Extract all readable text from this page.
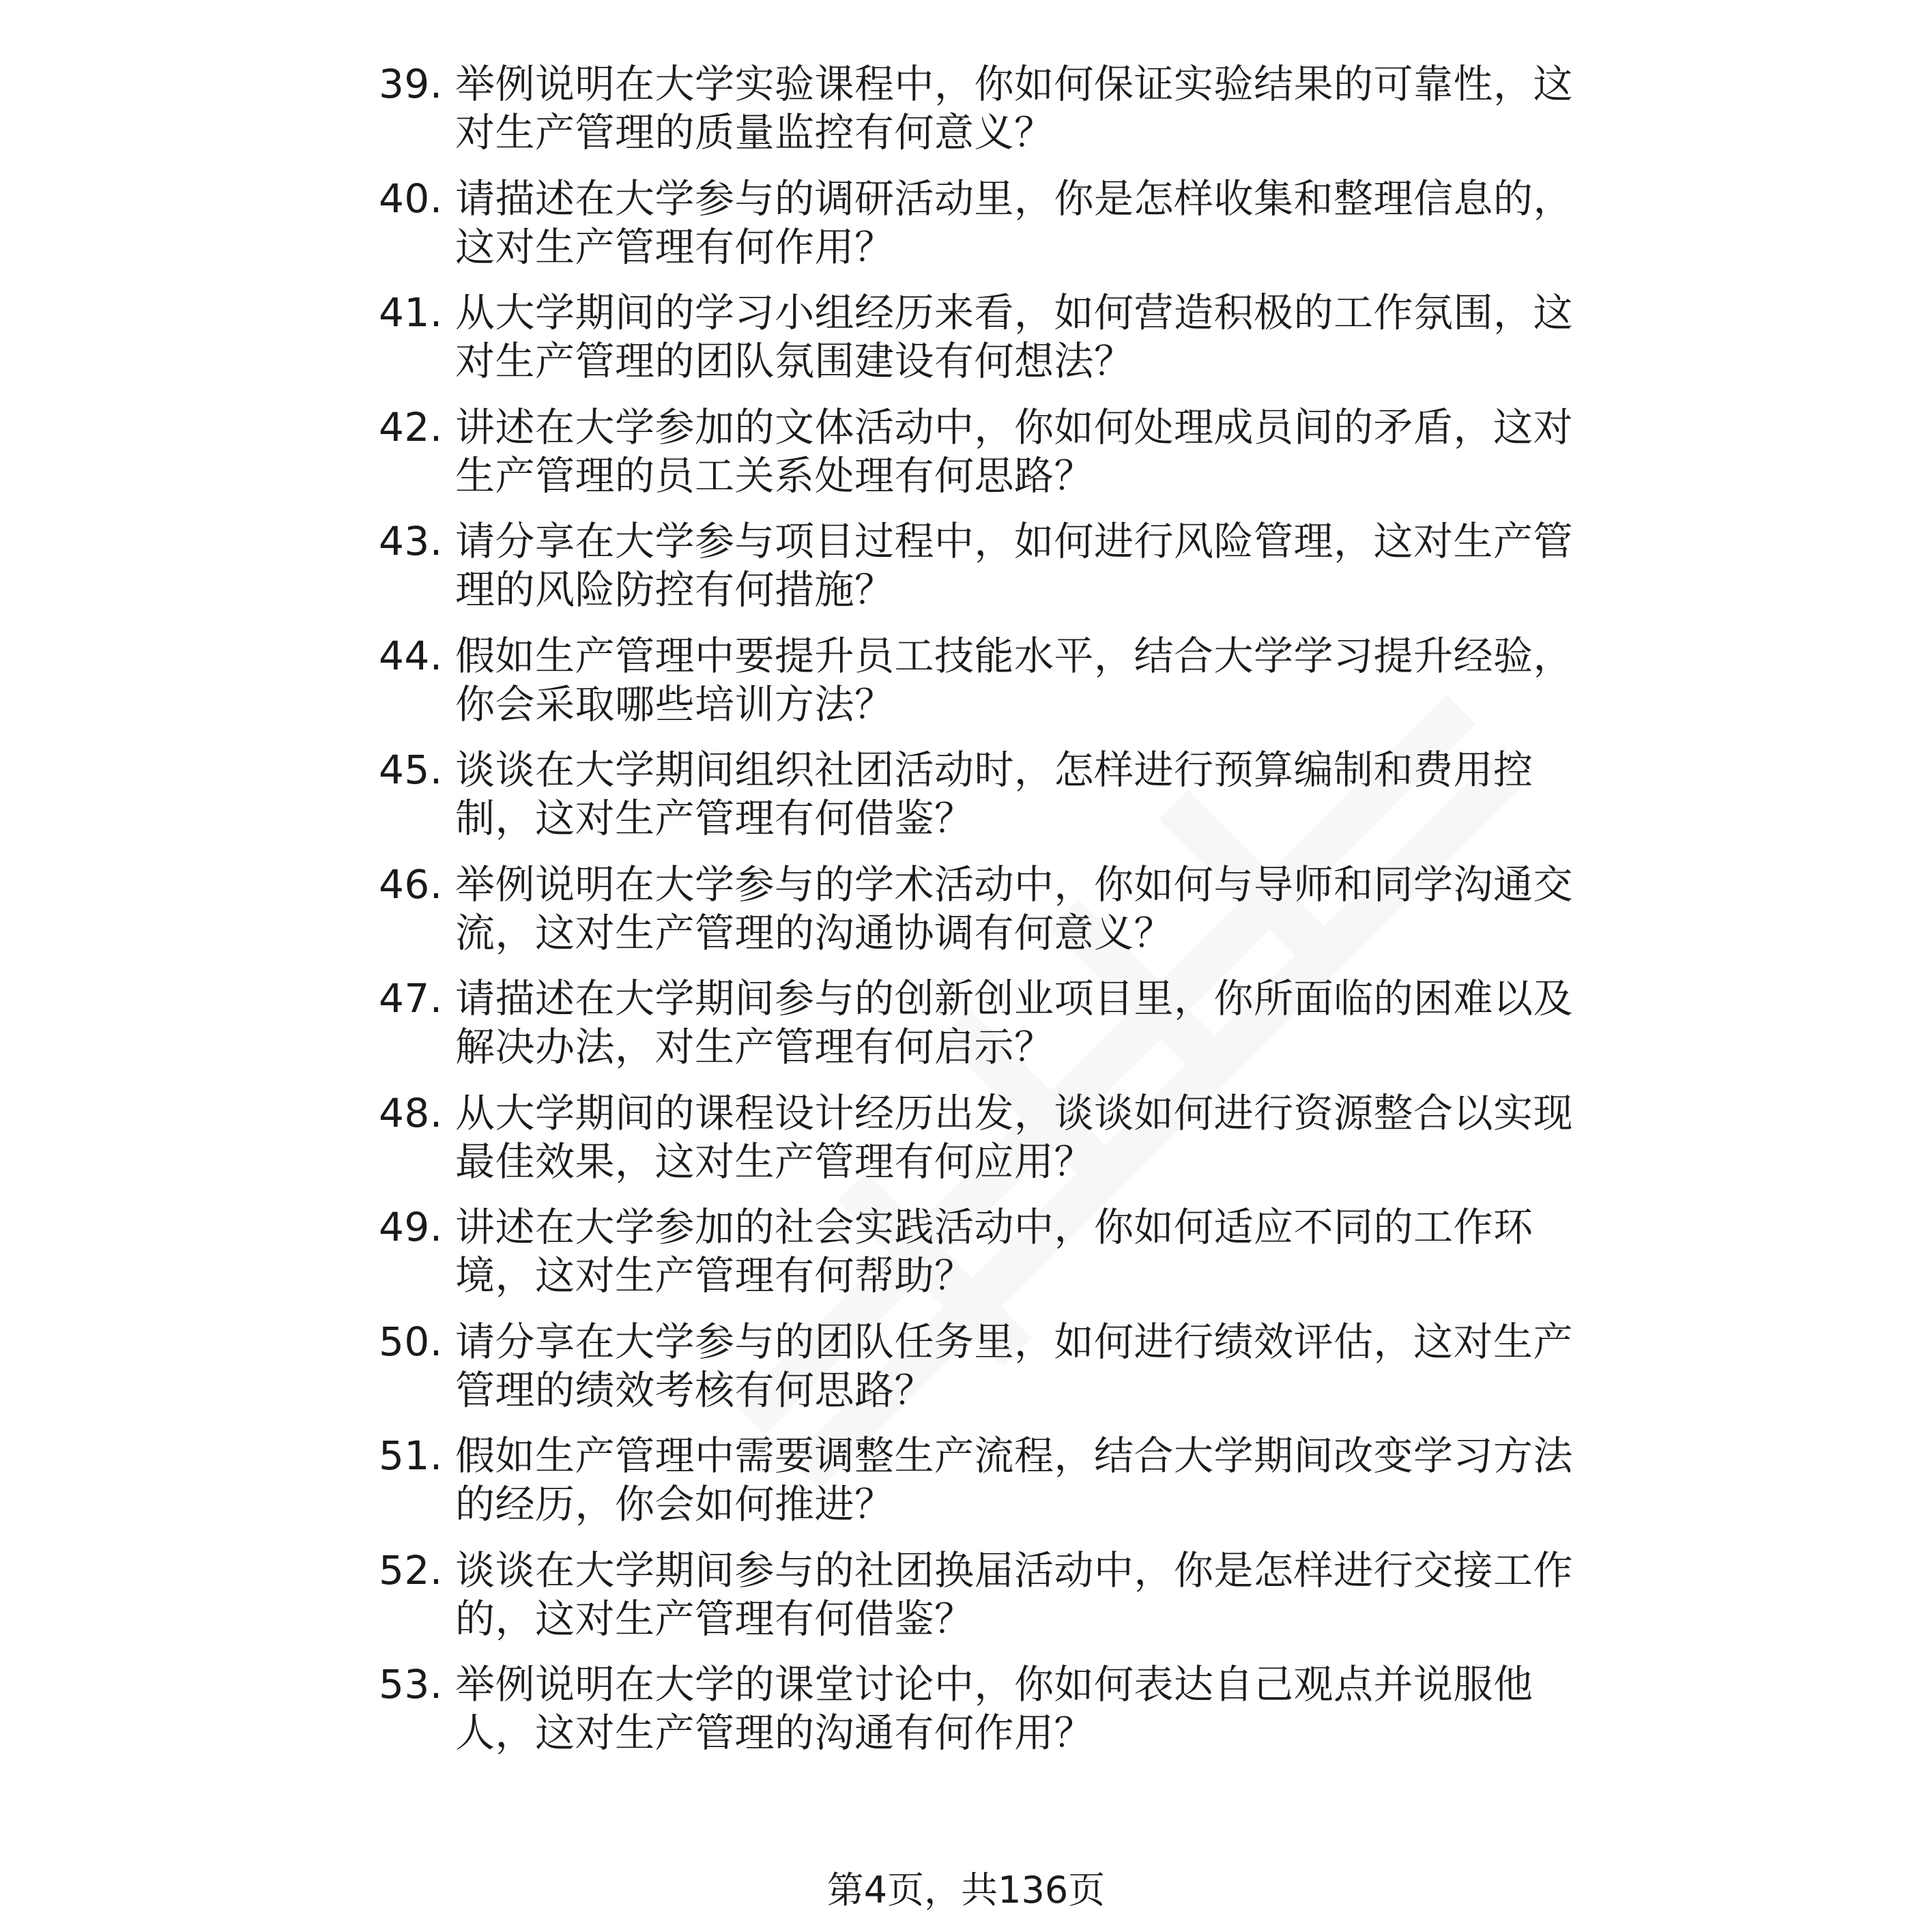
39. 举例说明在大学实验课程中，你如何保证实验结果的可靠性，这对生产管理的质量监控有何意义？
40. 请描述在大学参与的调研活动里，你是怎样收集和整理信息的，这对生产管理有何作用？
41. 从大学期间的学习小组经历来看，如何营造积极的工作氛围，这对生产管理的团队氛围建设有何想法？
42. 讲述在大学参加的文体活动中，你如何处理成员间的矛盾，这对生产管理的员工关系处理有何思路？
43. 请分享在大学参与项目过程中，如何进行风险管理，这对生产管理的风险防控有何措施？
44. 假如生产管理中要提升员工技能水平，结合大学学习提升经验，你会采取哪些培训方法？
45. 谈谈在大学期间组织社团活动时，怎样进行预算编制和费用控制，这对生产管理有何借鉴？
46. 举例说明在大学参与的学术活动中，你如何与导师和同学沟通交流，这对生产管理的沟通协调有何意义？
47. 请描述在大学期间参与的创新创业项目里，你所面临的困难以及解决办法，对生产管理有何启示？
48. 从大学期间的课程设计经历出发，谈谈如何进行资源整合以实现最佳效果，这对生产管理有何应用？
49. 讲述在大学参加的社会实践活动中，你如何适应不同的工作环境，这对生产管理有何帮助？
50. 请分享在大学参与的团队任务里，如何进行绩效评估，这对生产管理的绩效考核有何思路？
51. 假如生产管理中需要调整生产流程，结合大学期间改变学习方法的经历，你会如何推进？
52. 谈谈在大学期间参与的社团换届活动中，你是怎样进行交接工作的，这对生产管理有何借鉴？
53. 举例说明在大学的课堂讨论中，你如何表达自己观点并说服他人，这对生产管理的沟通有何作用？
第4页，共136页
